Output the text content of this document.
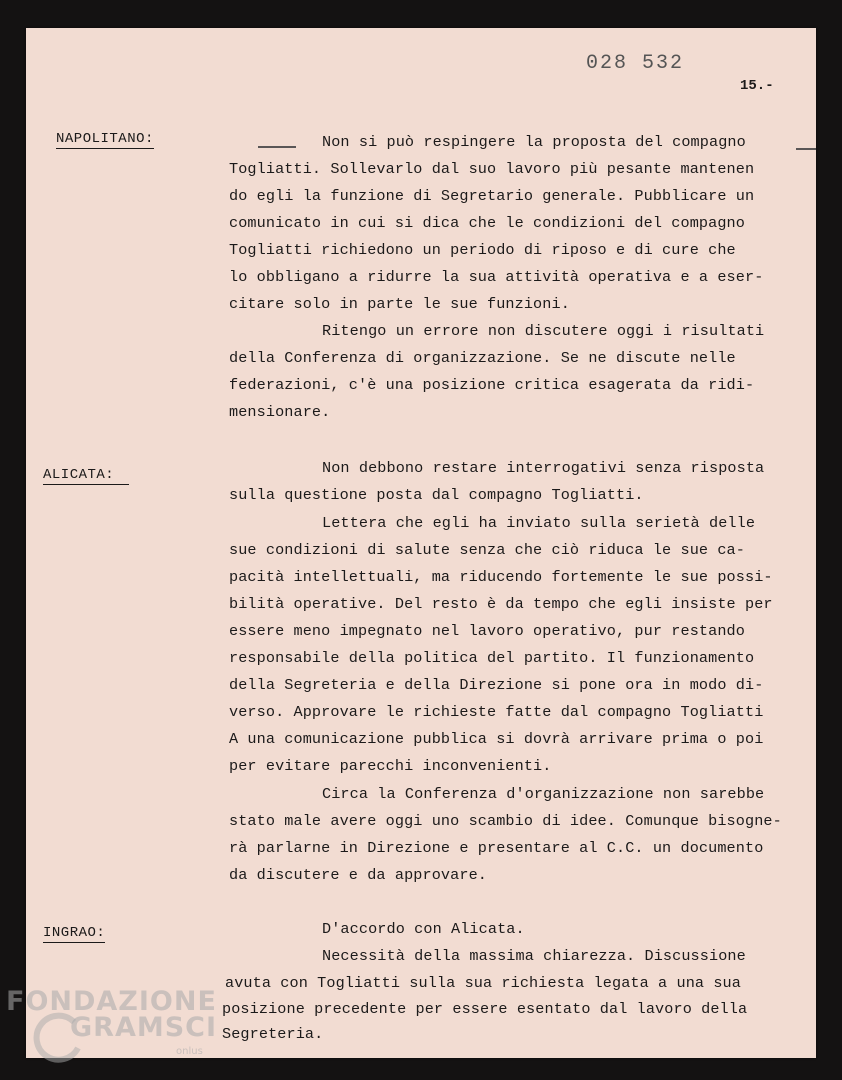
028 532
15.-
NAPOLITANO:
ALICATA:
INGRAO:
Non si può respingere la proposta del compagno
Togliatti. Sollevarlo dal suo lavoro più pesante mantenen
do egli la funzione di Segretario generale. Pubblicare un
comunicato in cui si dica che le condizioni del compagno
Togliatti richiedono un periodo di riposo e di cure che
lo obbligano a ridurre la sua attività operativa e a eser-
citare solo in parte le sue funzioni.
Ritengo un errore non discutere oggi i risultati
della Conferenza di organizzazione. Se ne discute nelle
federazioni, c'è una posizione critica esagerata da ridi-
mensionare.
Non debbono restare interrogativi senza risposta
sulla questione posta dal compagno Togliatti.
Lettera che egli ha inviato sulla serietà delle
sue condizioni di salute senza che ciò riduca le sue ca-
pacità intellettuali, ma riducendo fortemente le sue possi-
bilità operative. Del resto è da tempo che egli insiste per
essere meno impegnato nel lavoro operativo, pur restando
responsabile della politica del partito. Il funzionamento
della Segreteria e della Direzione si pone ora in modo di-
verso. Approvare le richieste fatte dal compagno Togliatti
A una comunicazione pubblica si dovrà arrivare prima o poi
per evitare parecchi inconvenienti.
Circa la Conferenza d'organizzazione non sarebbe
stato male avere oggi uno scambio di idee. Comunque bisogne-
rà parlarne in Direzione e presentare al C.C. un documento
da discutere e da approvare.
D'accordo con Alicata.
Necessità della massima chiarezza. Discussione
avuta con Togliatti sulla sua richiesta legata a una sua
posizione precedente per essere esentato dal lavoro della
Segreteria.
FONDAZIONE
GRAMSCI
onlus
